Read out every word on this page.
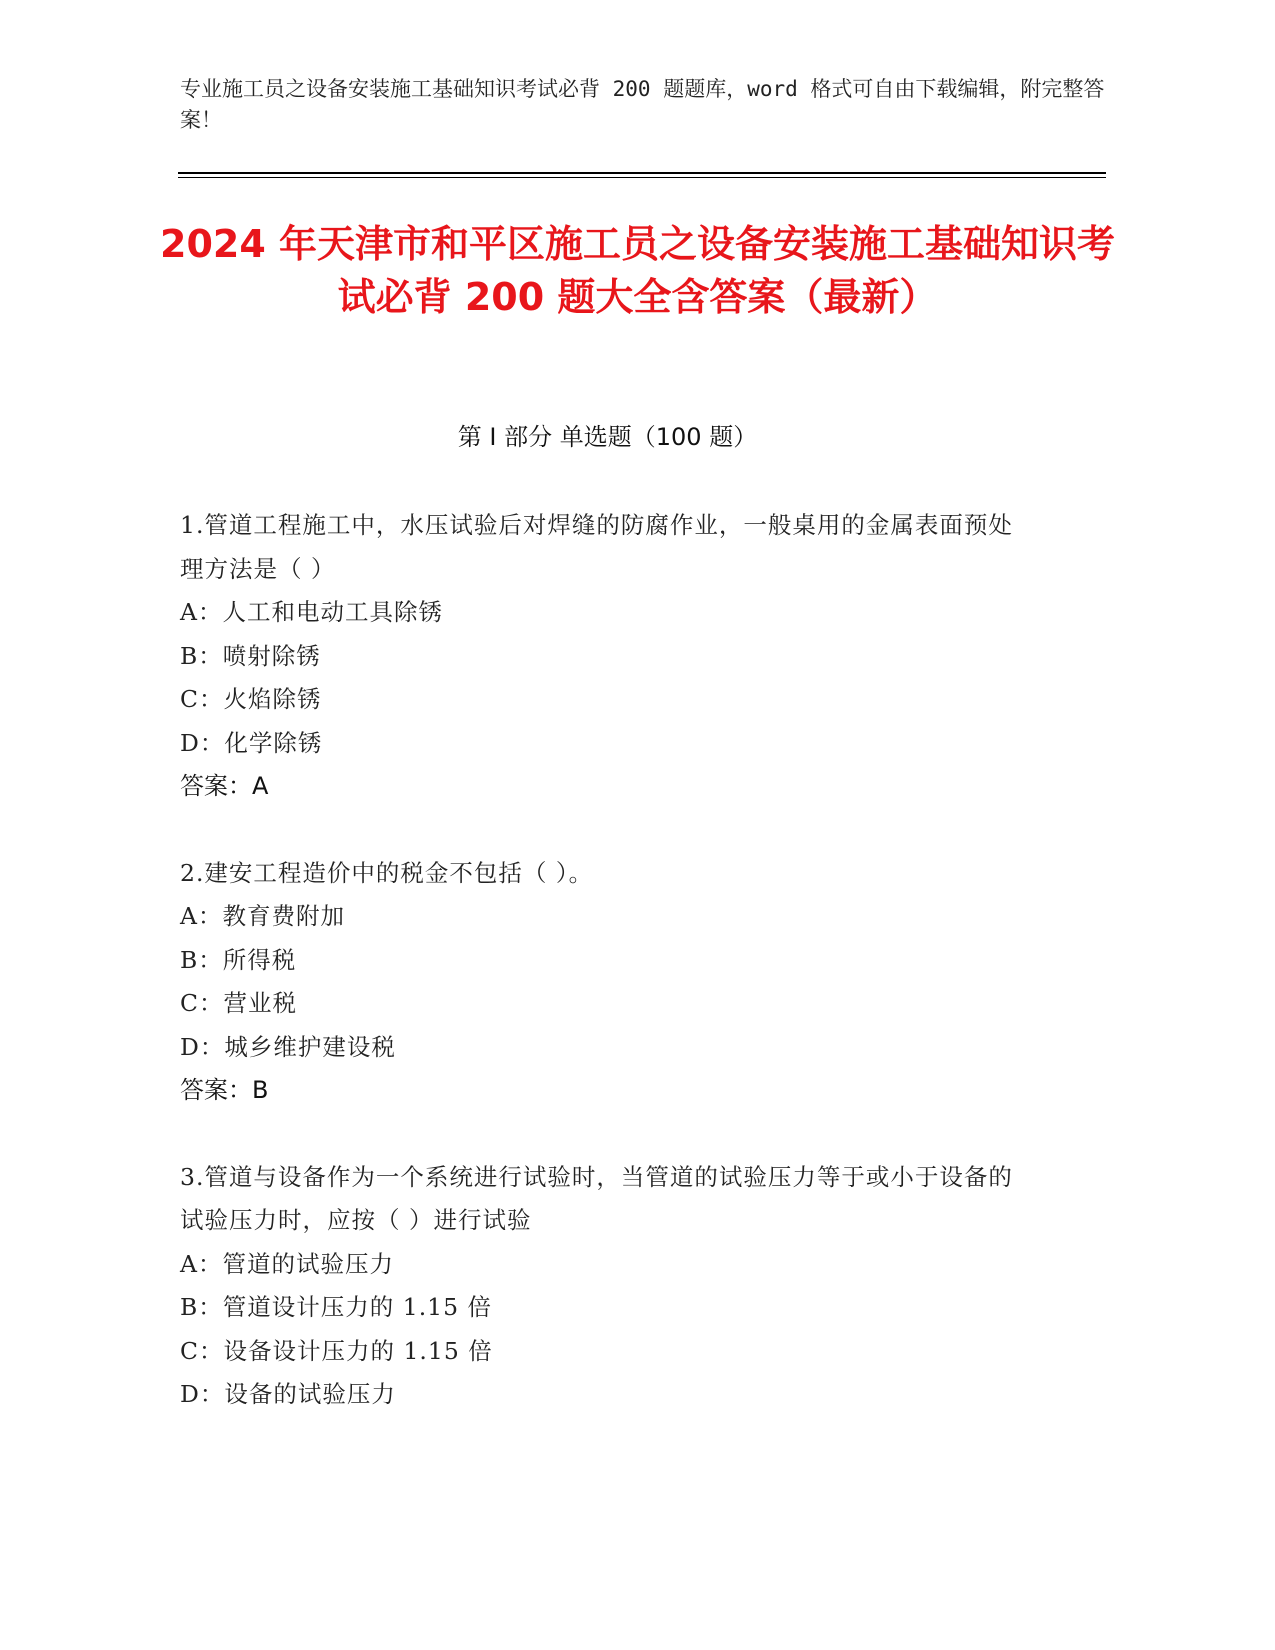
专业施工员之设备安装施工基础知识考试必背 200 题题库，word 格式可自由下载编辑，附完整答案！
2024 年天津市和平区施工员之设备安装施工基础知识考试必背 200 题大全含答案（最新）
第 I 部分 单选题（100 题）
1.管道工程施工中，水压试验后对焊缝的防腐作业，一般桌用的金属表面预处理方法是（ ）
A：人工和电动工具除锈
B：喷射除锈
C：火焰除锈
D：化学除锈
答案：A
2.建安工程造价中的税金不包括（ ）。
A：教育费附加
B：所得税
C：营业税
D：城乡维护建设税
答案：B
3.管道与设备作为一个系统进行试验时，当管道的试验压力等于或小于设备的试验压力时，应按（ ）进行试验
A：管道的试验压力
B：管道设计压力的 1.15 倍
C：设备设计压力的 1.15 倍
D：设备的试验压力
